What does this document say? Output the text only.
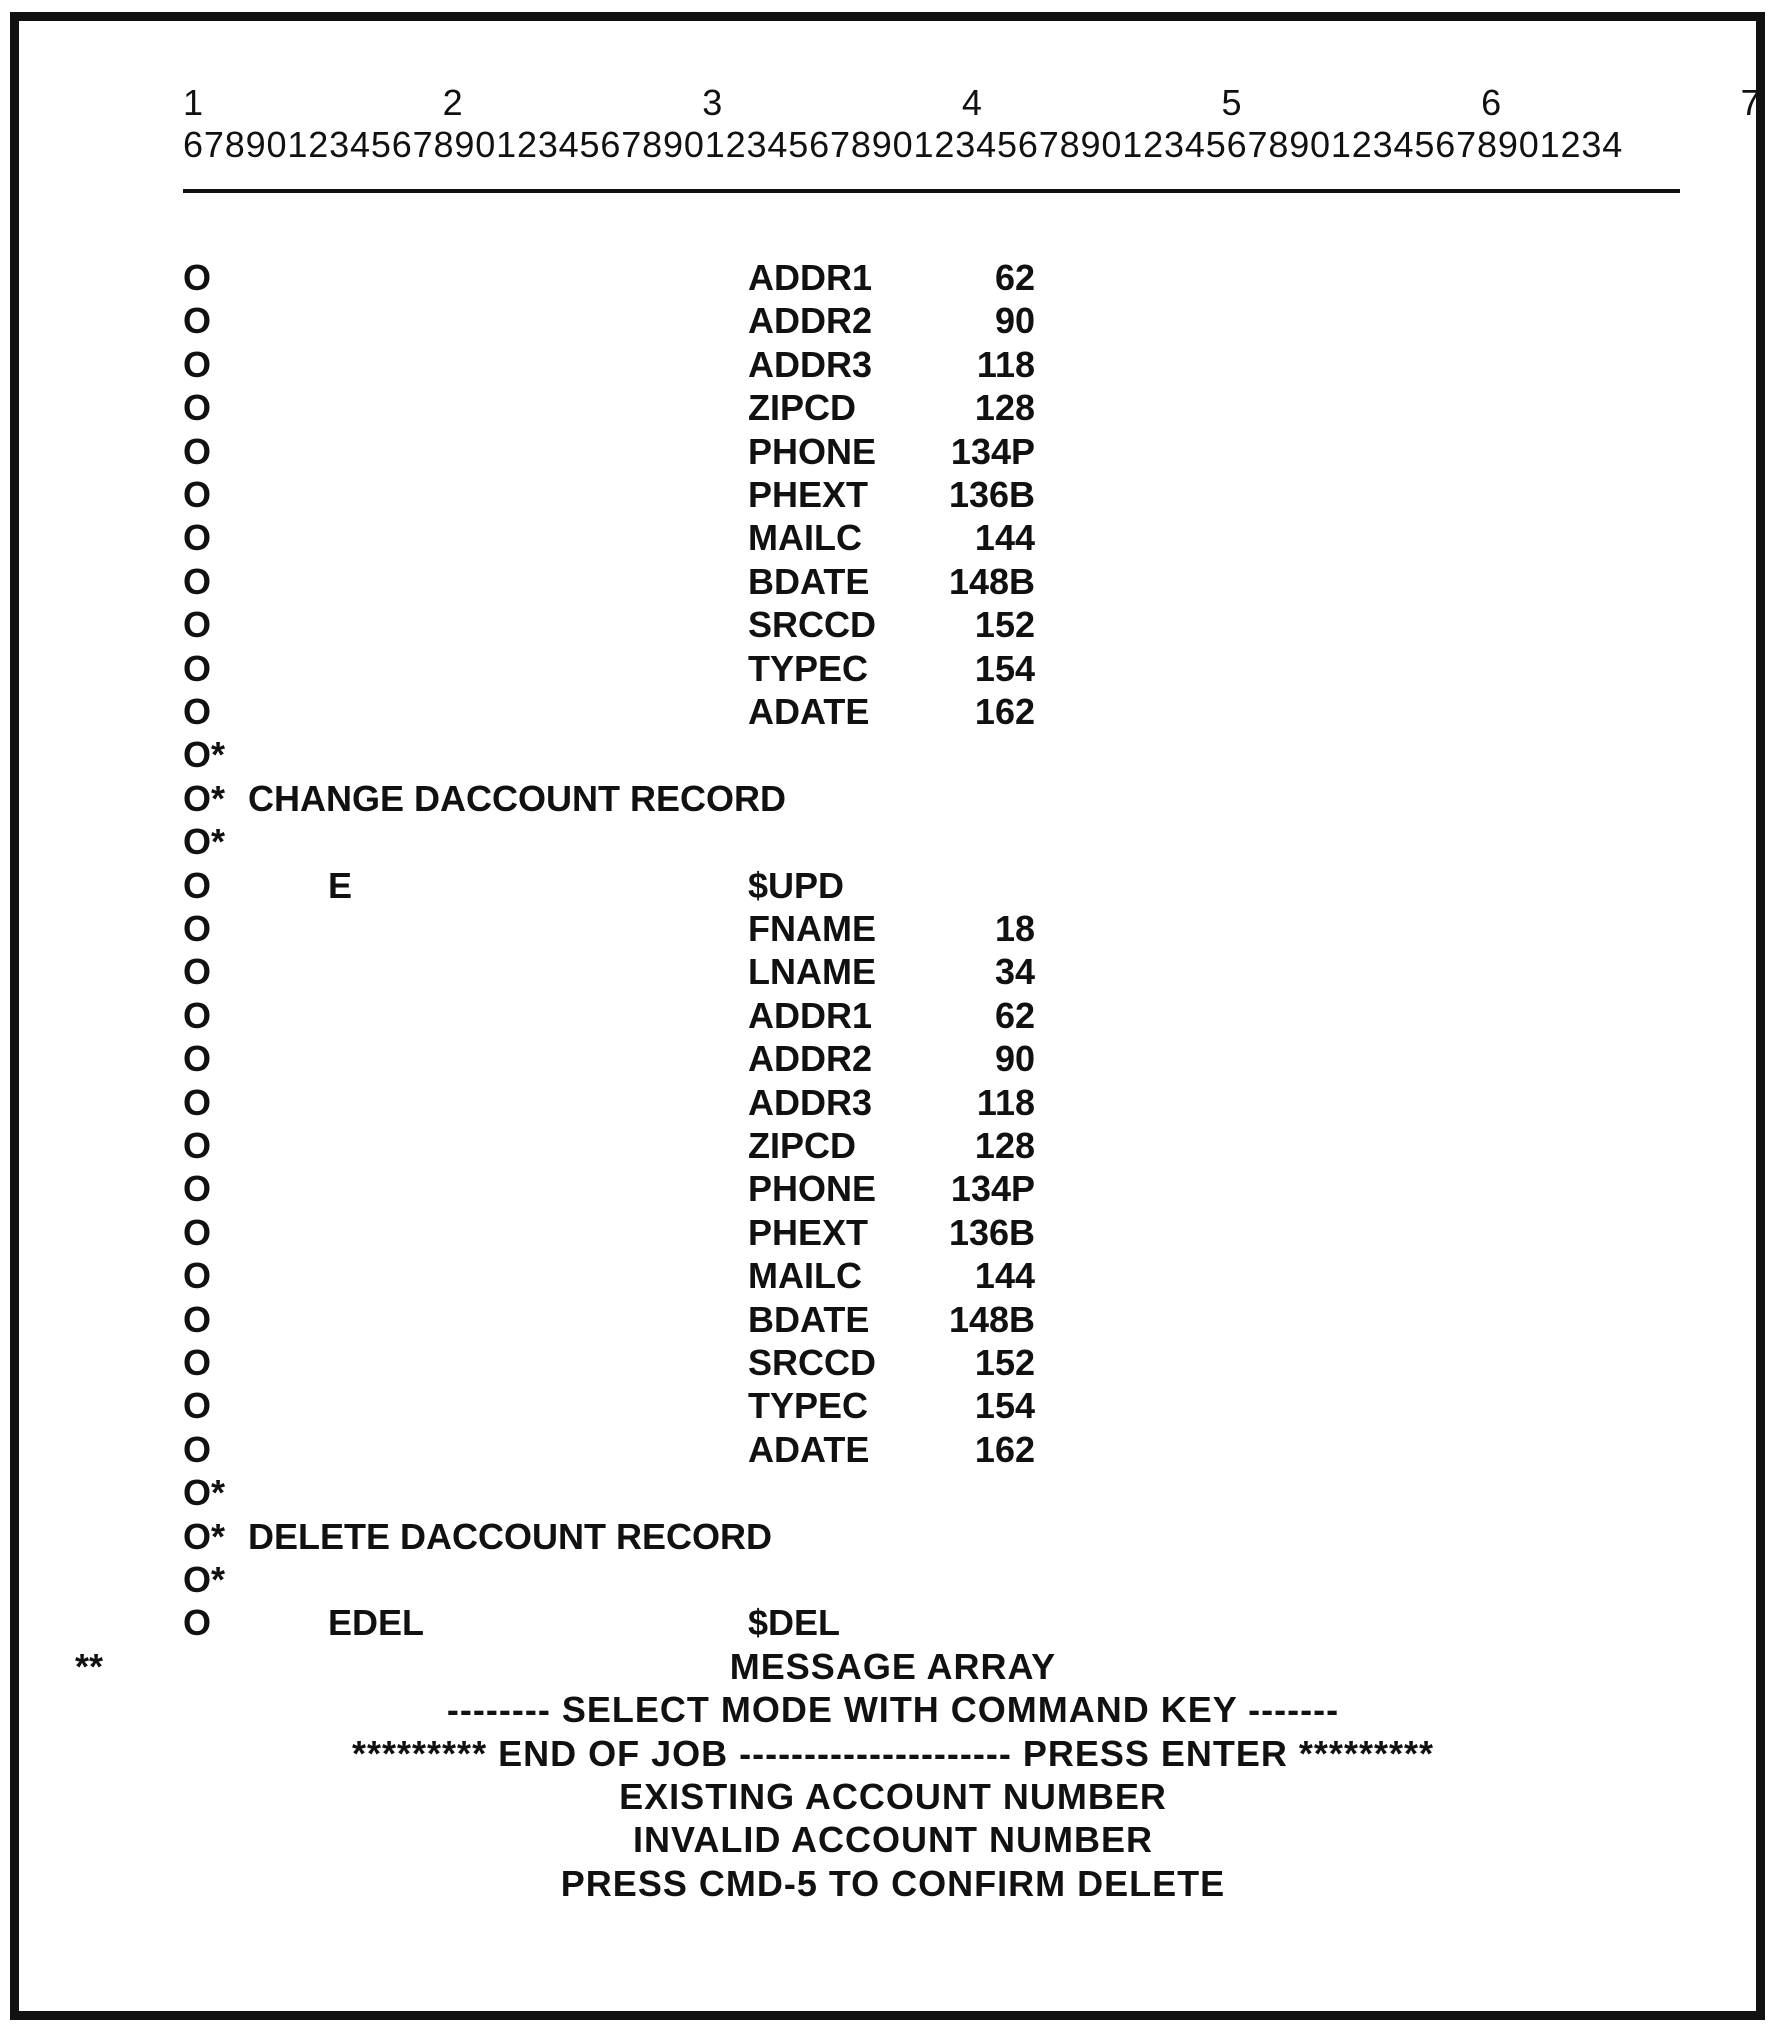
1                      2                      3                      4                      5                      6                      7
678901234567890123456789012345678901234567890123456789012345678901234
O	ADDR1	62
O	ADDR2	90
O	ADDR3	118
O	ZIPCD	128
O	PHONE 134P
O	PHEXT 136B
O	MAILC	144
O	BDATE 148B
O	SRCCD	152
O	TYPEC	154
O	ADATE	162
O*
O* CHANGE DACCOUNT RECORD
O*
O E	$UPD
O	FNAME	18
O	LNAME	34
O	ADDR1	62
O	ADDR2	90
O	ADDR3	118
O	ZIPCD	128
O	PHONE 134P
O	PHEXT 136B
O	MAILC	144
O	BDATE 148B
O	SRCCD	152
O	TYPEC	154
O	ADATE	162
O*
O* DELETE DACCOUNT RECORD
O*
O EDEL	$DEL
**	MESSAGE ARRAY
-------- SELECT MODE WITH COMMAND KEY -------
********* END OF JOB --------------------- PRESS ENTER *********
EXISTING ACCOUNT NUMBER
INVALID ACCOUNT NUMBER
PRESS CMD-5 TO CONFIRM DELETE
